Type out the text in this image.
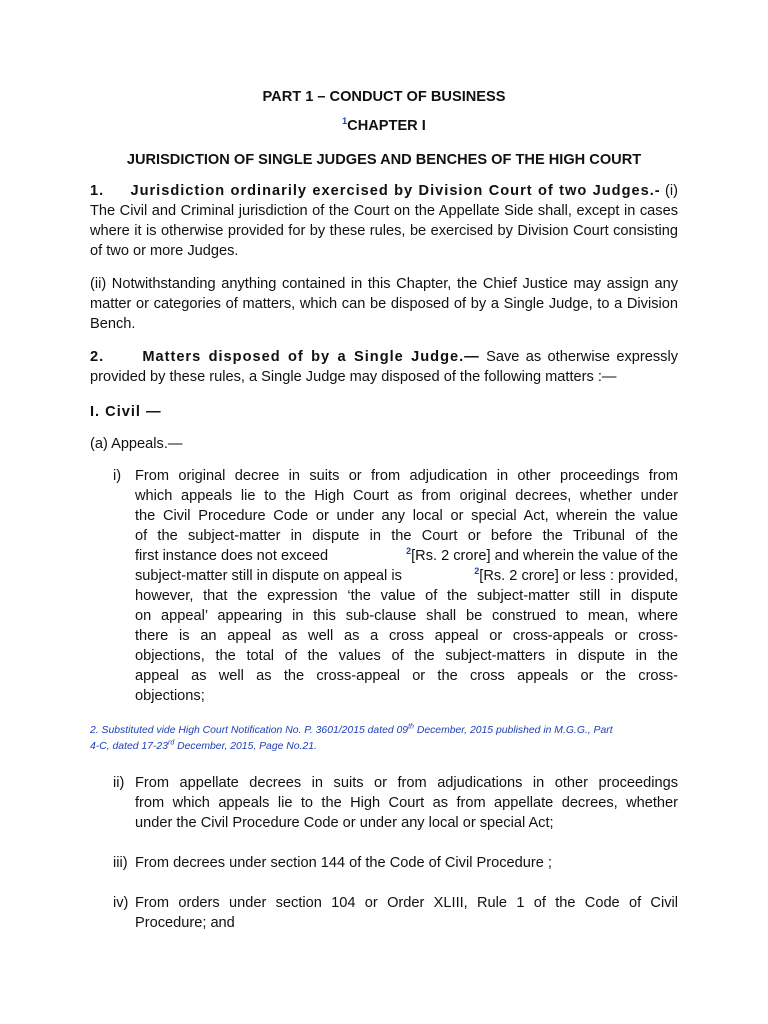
PART 1 – CONDUCT OF BUSINESS
$^1$CHAPTER I
JURISDICTION OF SINGLE JUDGES AND BENCHES OF THE HIGH COURT
1. Jurisdiction ordinarily exercised by Division Court of two Judges.- (i) The Civil and Criminal jurisdiction of the Court on the Appellate Side shall, except in cases where it is otherwise provided for by these rules, be exercised by Division Court consisting of two or more Judges.
(ii) Notwithstanding anything contained in this Chapter, the Chief Justice may assign any matter or categories of matters, which can be disposed of by a Single Judge, to a Division Bench.
2.	Matters disposed of by a Single Judge.— Save as otherwise expressly provided by these rules, a Single Judge may disposed of the following matters :—
I. Civil —
(a) Appeals.—
i) From original decree in suits or from adjudication in other proceedings from
which appeals lie to the High Court as from original decrees, whether under
the Civil Procedure Code or under any local or special Act, wherein the value
of the subject-matter in dispute in the Court or before the Tribunal of the
first instance does not exceed	$^2$[Rs. 2 crore] and wherein the value of the
subject-matter still in dispute on appeal is	$^2$[Rs. 2 crore] or less : provided,
however, that the expression ‘the value of the subject-matter still in dispute
on appeal’ appearing in this sub-clause shall be construed to mean, where
there is an appeal as well as a cross appeal or cross-appeals or cross-
objections, the total of the values of the subject-matters in dispute in the
appeal as well as the cross-appeal or the cross appeals or the cross-
objections;
2. Substituted vide High Court Notification No. P. 3601/2015 dated 09th December, 2015 published in M.G.G., Part
4-C, dated 17-23rd December, 2015, Page No.21.
ii) From appellate decrees in suits or from adjudications in other proceedings
from which appeals lie to the High Court as from appellate decrees, whether
under the Civil Procedure Code or under any local or special Act;
iii) From decrees under section 144 of the Code of Civil Procedure ;
iv) From orders under section 104 or Order XLIII, Rule 1 of the Code of Civil
Procedure; and
